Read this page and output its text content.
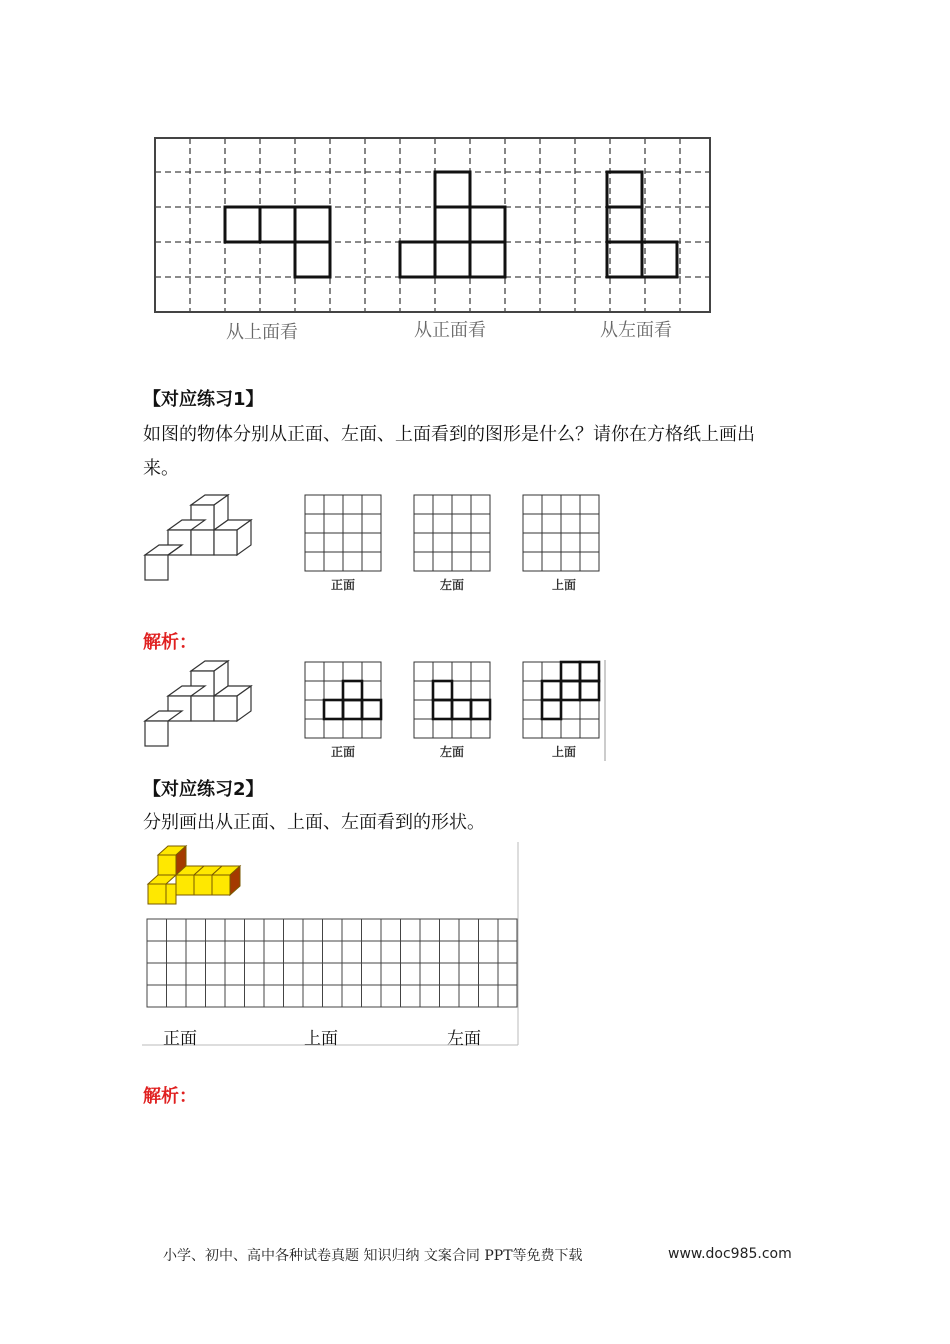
从上面看	从正面看	从左面看
【对应练习1】
如图的物体分别从正面、左面、上面看到的图形是什么？请你在方格纸上画出
来。
正面	左面	上面
解析：
正面	左面	上面
【对应练习2】
分别画出从正面、上面、左面看到的形状。
正面	上面	左面
解析：
小学、初中、高中各种试卷真题 知识归纳 文案合同 PPT等免费下载	www.doc985.com
